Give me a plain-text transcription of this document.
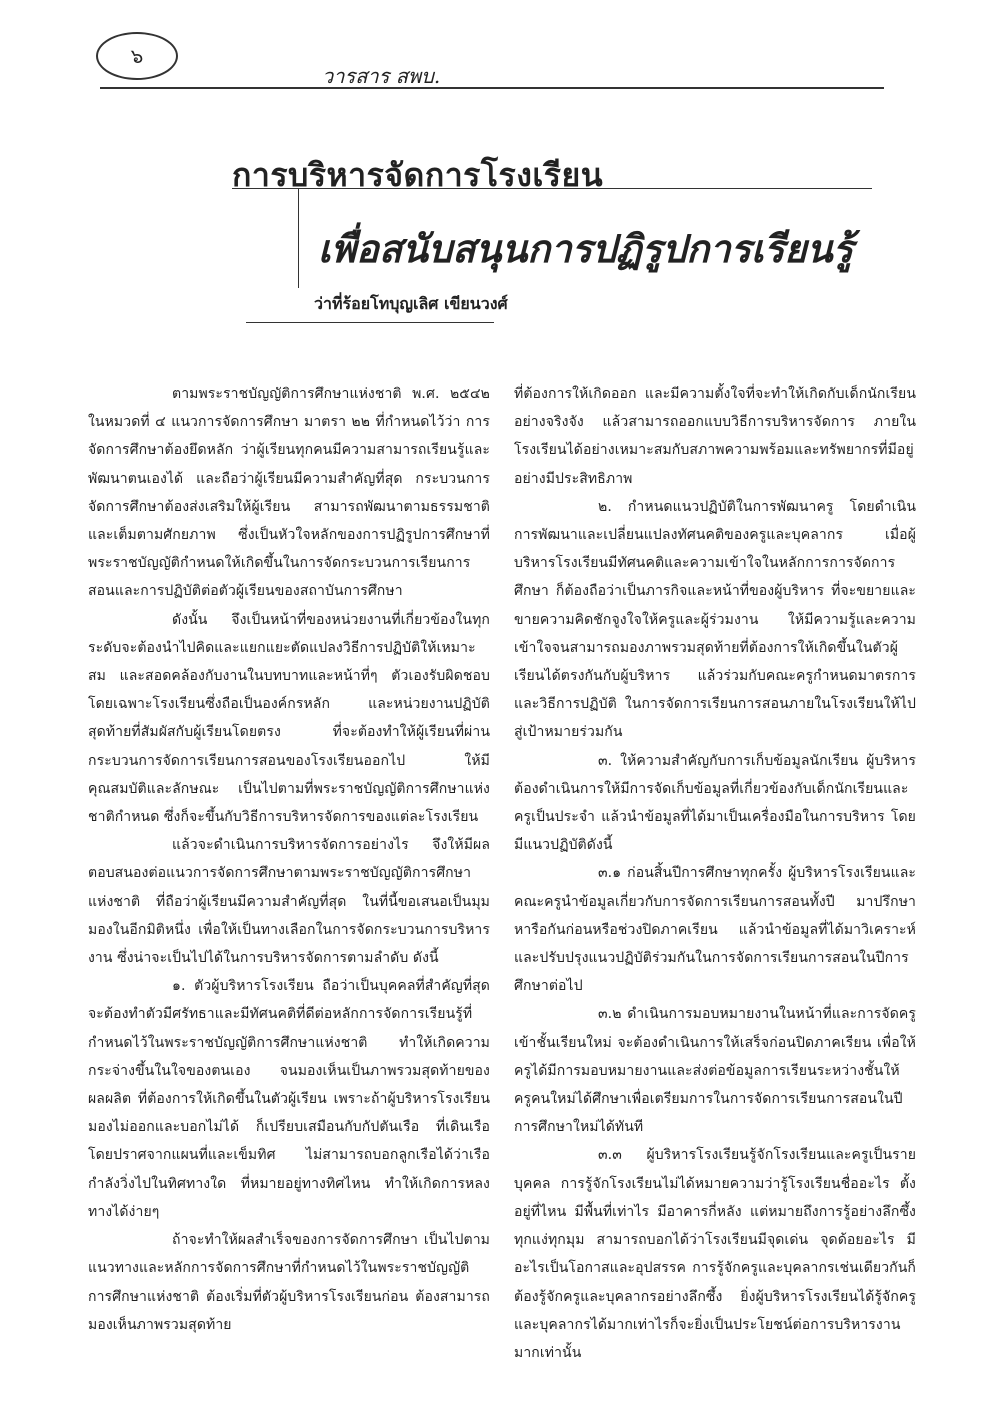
๖
วารสาร สพบ.
การบริหารจัดการโรงเรียน
เพื่อสนับสนุนการปฏิรูปการเรียนรู้
ว่าที่ร้อยโทบุญเลิศ เขียนวงศ์

ตามพระราชบัญญัติการศึกษาแห่งชาติ พ.ศ. ๒๕๔๒ ในหมวดที่ ๔ แนวการจัดการศึกษา มาตรา ๒๒ ที่กำหนดไว้ว่า การจัดการศึกษาต้องยึดหลัก ว่าผู้เรียนทุกคนมีความสามารถเรียนรู้และพัฒนาตนเองได้ และถือว่าผู้เรียนมีความสำคัญที่สุด กระบวนการจัดการศึกษาต้องส่งเสริมให้ผู้เรียน สามารถพัฒนาตามธรรมชาติและเต็มตามศักยภาพ ซึ่งเป็นหัวใจหลักของการปฏิรูปการศึกษาที่พระราชบัญญัติกำหนดให้เกิดขึ้นในการจัดกระบวนการเรียนการสอนและการปฏิบัติต่อตัวผู้เรียนของสถาบันการศึกษา

ดังนั้น จึงเป็นหน้าที่ของหน่วยงานที่เกี่ยวข้องในทุกระดับจะต้องนำไปคิดและแยกแยะตัดแปลงวิธีการปฏิบัติให้เหมาะสม และสอดคล้องกับงานในบทบาทและหน้าที่ๆ ตัวเองรับผิดชอบ โดยเฉพาะโรงเรียนซึ่งถือเป็นองค์กรหลัก และหน่วยงานปฏิบัติสุดท้ายที่สัมผัสกับผู้เรียนโดยตรง ที่จะต้องทำให้ผู้เรียนที่ผ่านกระบวนการจัดการเรียนการสอนของโรงเรียนออกไป ให้มีคุณสมบัติและลักษณะ เป็นไปตามที่พระราชบัญญัติการศึกษาแห่งชาติกำหนด ซึ่งก็จะขึ้นกับวิธีการบริหารจัดการของแต่ละโรงเรียน

แล้วจะดำเนินการบริหารจัดการอย่างไร จึงให้มีผลตอบสนองต่อแนวการจัดการศึกษาตามพระราชบัญญัติการศึกษาแห่งชาติ ที่ถือว่าผู้เรียนมีความสำคัญที่สุด ในที่นี้ขอเสนอเป็นมุมมองในอีกมิติหนึ่ง เพื่อให้เป็นทางเลือกในการจัดกระบวนการบริหารงาน ซึ่งน่าจะเป็นไปได้ในการบริหารจัดการตามลำดับ ดังนี้

๑. ตัวผู้บริหารโรงเรียน ถือว่าเป็นบุคคลที่สำคัญที่สุด จะต้องทำตัวมีศรัทธาและมีทัศนคติที่ดีต่อหลักการจัดการเรียนรู้ที่กำหนดไว้ในพระราชบัญญัติการศึกษาแห่งชาติ ทำให้เกิดความกระจ่างขึ้นในใจของตนเอง จนมองเห็นเป็นภาพรวมสุดท้ายของผลผลิต ที่ต้องการให้เกิดขึ้นในตัวผู้เรียน เพราะถ้าผู้บริหารโรงเรียนมองไม่ออกและบอกไม่ได้ ก็เปรียบเสมือนกับกัปตันเรือ ที่เดินเรือโดยปราศจากแผนที่และเข็มทิศ ไม่สามารถบอกลูกเรือได้ว่าเรือกำลังวิ่งไปในทิศทางใด ที่หมายอยู่ทางทิศไหน ทำให้เกิดการหลงทางได้ง่ายๆ

ถ้าจะทำให้ผลสำเร็จของการจัดการศึกษา เป็นไปตามแนวทางและหลักการจัดการศึกษาที่กำหนดไว้ในพระราชบัญญัติการศึกษาแห่งชาติ ต้องเริ่มที่ตัวผู้บริหารโรงเรียนก่อน ต้องสามารถมองเห็นภาพรวมสุดท้าย

ที่ต้องการให้เกิดออก และมีความตั้งใจที่จะทำให้เกิดกับเด็กนักเรียนอย่างจริงจัง แล้วสามารถออกแบบวิธีการบริหารจัดการ ภายในโรงเรียนได้อย่างเหมาะสมกับสภาพความพร้อมและทรัพยากรที่มีอยู่อย่างมีประสิทธิภาพ

๒. กำหนดแนวปฏิบัติในการพัฒนาครู โดยดำเนินการพัฒนาและเปลี่ยนแปลงทัศนคติของครูและบุคลากร เมื่อผู้บริหารโรงเรียนมีทัศนคติและความเข้าใจในหลักการการจัดการศึกษา ก็ต้องถือว่าเป็นภารกิจและหน้าที่ของผู้บริหาร ที่จะขยายและขายความคิดชักจูงใจให้ครูและผู้ร่วมงาน ให้มีความรู้และความเข้าใจจนสามารถมองภาพรวมสุดท้ายที่ต้องการให้เกิดขึ้นในตัวผู้เรียนได้ตรงกันกับผู้บริหาร แล้วร่วมกับคณะครูกำหนดมาตรการและวิธีการปฏิบัติ ในการจัดการเรียนการสอนภายในโรงเรียนให้ไปสู่เป้าหมายร่วมกัน

๓. ให้ความสำคัญกับการเก็บข้อมูลนักเรียน ผู้บริหารต้องดำเนินการให้มีการจัดเก็บข้อมูลที่เกี่ยวข้องกับเด็กนักเรียนและครูเป็นประจำ แล้วนำข้อมูลที่ได้มาเป็นเครื่องมือในการบริหาร โดยมีแนวปฏิบัติดังนี้

๓.๑ ก่อนสิ้นปีการศึกษาทุกครั้ง ผู้บริหารโรงเรียนและคณะครูนำข้อมูลเกี่ยวกับการจัดการเรียนการสอนทั้งปี มาปรึกษาหารือกันก่อนหรือช่วงปิดภาคเรียน แล้วนำข้อมูลที่ได้มาวิเคราะห์และปรับปรุงแนวปฏิบัติร่วมกันในการจัดการเรียนการสอนในปีการศึกษาต่อไป

๓.๒ ดำเนินการมอบหมายงานในหน้าที่และการจัดครูเข้าชั้นเรียนใหม่ จะต้องดำเนินการให้เสร็จก่อนปิดภาคเรียน เพื่อให้ครูได้มีการมอบหมายงานและส่งต่อข้อมูลการเรียนระหว่างชั้นให้ครูคนใหม่ได้ศึกษาเพื่อเตรียมการในการจัดการเรียนการสอนในปีการศึกษาใหม่ได้ทันที

๓.๓ ผู้บริหารโรงเรียนรู้จักโรงเรียนและครูเป็นรายบุคคล การรู้จักโรงเรียนไม่ได้หมายความว่ารู้โรงเรียนชื่ออะไร ตั้งอยู่ที่ไหน มีพื้นที่เท่าไร มีอาคารกี่หลัง แต่หมายถึงการรู้อย่างลึกซึ้งทุกแง่ทุกมุม สามารถบอกได้ว่าโรงเรียนมีจุดเด่น จุดด้อยอะไร มีอะไรเป็นโอกาสและอุปสรรค การรู้จักครูและบุคลากรเช่นเดียวกันก็ต้องรู้จักครูและบุคลากรอย่างลึกซึ้ง ยิ่งผู้บริหารโรงเรียนได้รู้จักครูและบุคลากรได้มากเท่าไรก็จะยิ่งเป็นประโยชน์ต่อการบริหารงานมากเท่านั้น
